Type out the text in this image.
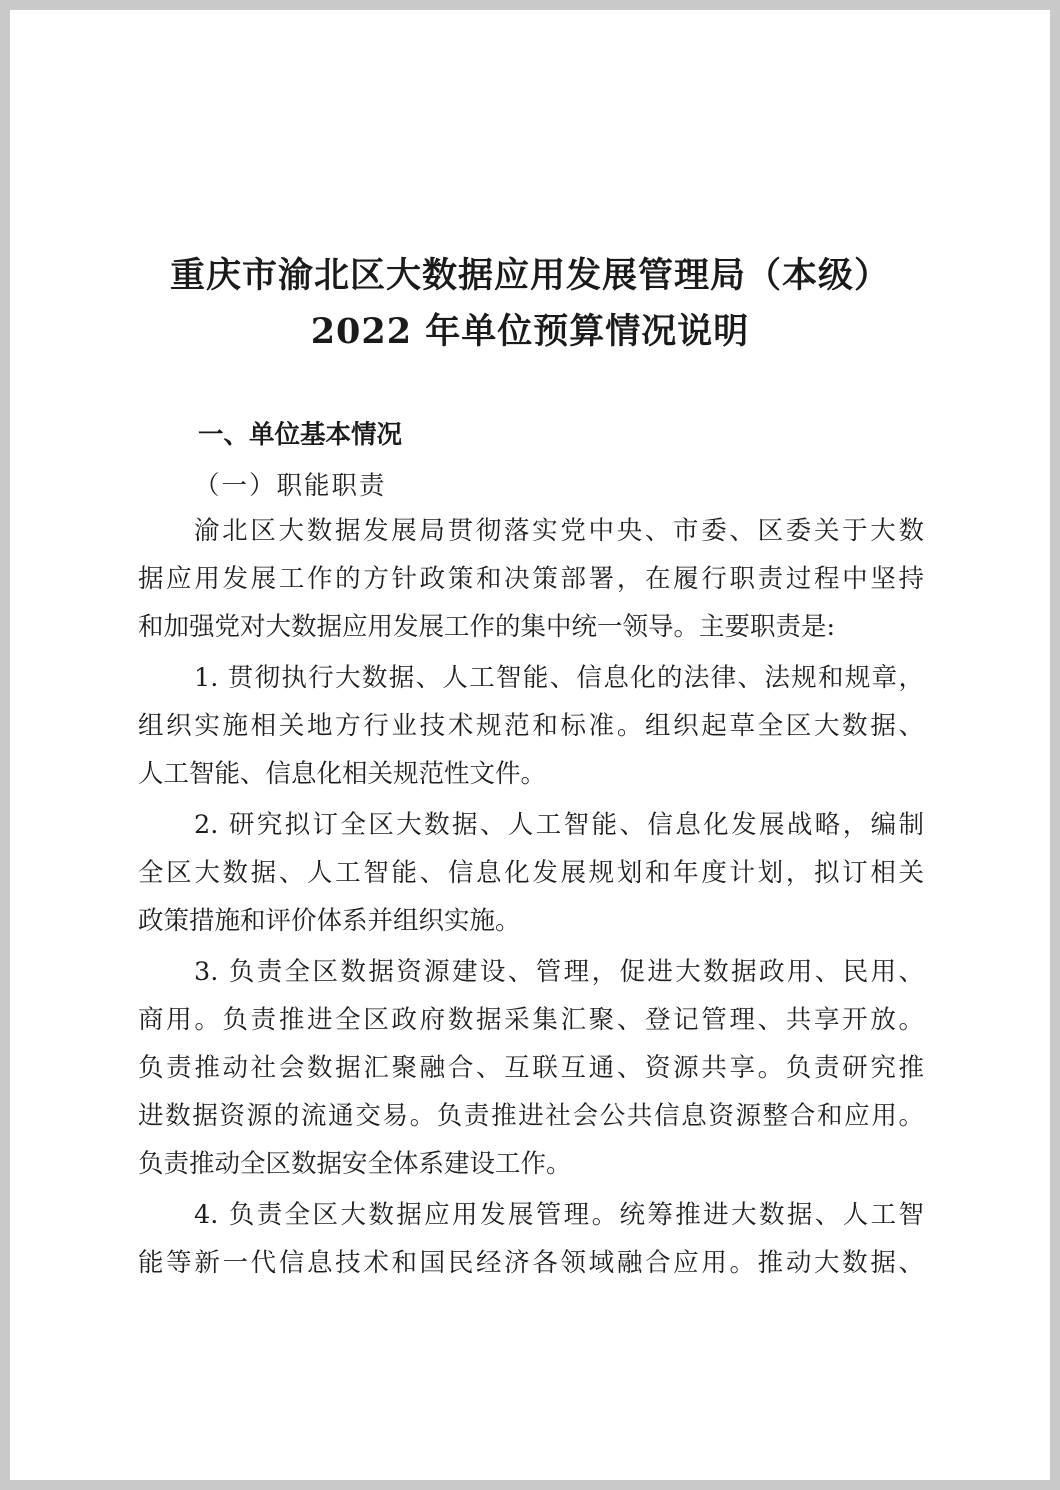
重庆市渝北区大数据应用发展管理局（本级）
2022 年单位预算情况说明
一、单位基本情况
（一）职能职责
渝北区大数据发展局贯彻落实党中央、市委、区委关于大数
据应用发展工作的方针政策和决策部署，在履行职责过程中坚持
和加强党对大数据应用发展工作的集中统一领导。主要职责是:
1. 贯彻执行大数据、人工智能、信息化的法律、法规和规章，
组织实施相关地方行业技术规范和标准。组织起草全区大数据、
人工智能、信息化相关规范性文件。
2. 研究拟订全区大数据、人工智能、信息化发展战略，编制
全区大数据、人工智能、信息化发展规划和年度计划，拟订相关
政策措施和评价体系并组织实施。
3. 负责全区数据资源建设、管理，促进大数据政用、民用、
商用。负责推进全区政府数据采集汇聚、登记管理、共享开放。
负责推动社会数据汇聚融合、互联互通、资源共享。负责研究推
进数据资源的流通交易。负责推进社会公共信息资源整合和应用。
负责推动全区数据安全体系建设工作。
4. 负责全区大数据应用发展管理。统筹推进大数据、人工智
能等新一代信息技术和国民经济各领域融合应用。推动大数据、
